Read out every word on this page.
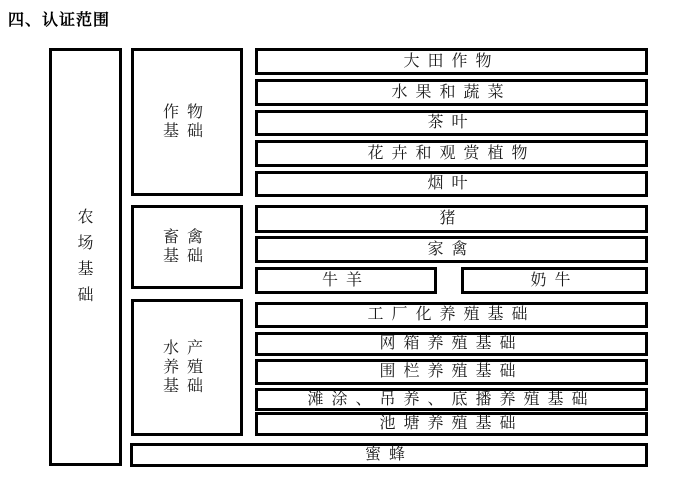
四、认证范围
农场基础
作物
基础
大田作物
水果和蔬菜
茶叶
花卉和观赏植物
烟叶
畜禽
基础
猪
家禽
牛羊	奶牛
水产
养殖
基础
工厂化养殖基础
网箱养殖基础
围栏养殖基础
滩涂、吊养、底播养殖基础
池塘养殖基础
蜜蜂
